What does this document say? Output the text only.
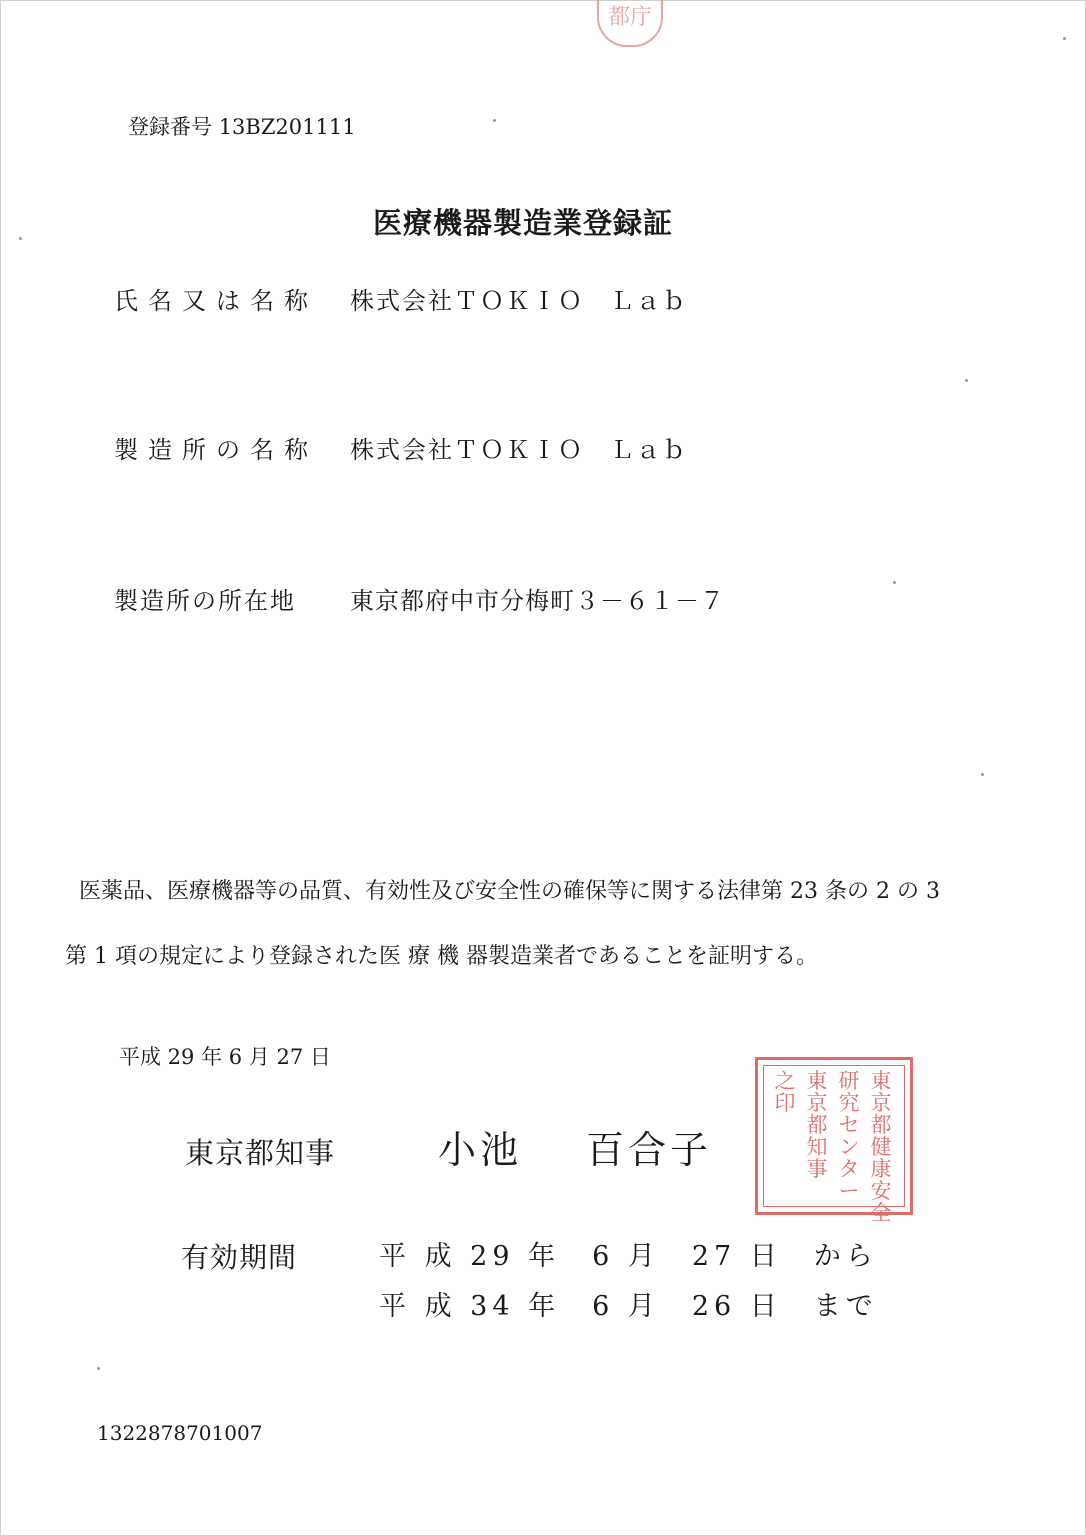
都庁
登録番号 13BZ201111
医療機器製造業登録証
氏名又は名称 株式会社ＴＯＫＩＯ　Ｌａｂ
製造所の名称 株式会社ＴＯＫＩＯ　Ｌａｂ
製造所の所在地 東京都府中市分梅町３－６１－７
医薬品、医療機器等の品質、有効性及び安全性の確保等に関する法律第 23 条の 2 の 3
第 1 項の規定により登録された医 療 機 器製造業者であることを証明する。
平成 29 年 6 月 27 日
東京都知事	小池 百合子
東京都健康安全
研究センター
東京都知事
之印
有効期間	平 成 29 年　6 月　27 日　から
平 成 34 年　6 月　26 日　まで
1322878701007
